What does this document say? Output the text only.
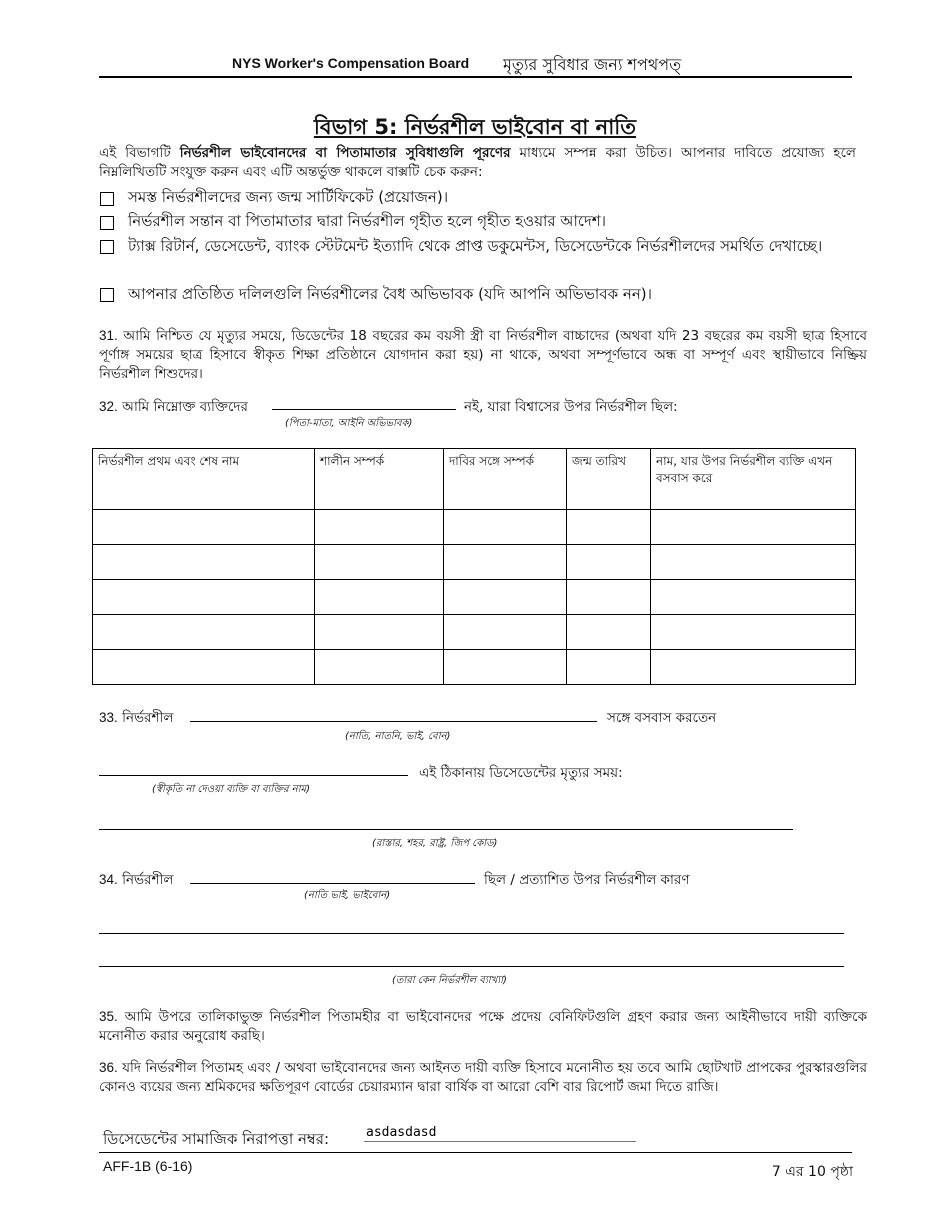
NYS Worker's Compensation Board মৃত্যুর সুবিধার জন্য শপথপত্
বিভাগ 5: নির্ভরশীল ভাইবোন বা নাতি
এই বিভাগটি নির্ভরশীল ভাইবোনদের বা পিতামাতার সুবিধাগুলি পূরণের মাধ্যমে সম্পন্ন করা উচিত। আপনার দাবিতে প্রযোজ্য হলে নিম্নলিখিতটি সংযুক্ত করুন এবং এটি অন্তর্ভুক্ত থাকলে বাক্সটি চেক করুন:
সমস্ত নির্ভরশীলদের জন্য জন্ম সার্টিফিকেট (প্রয়োজন)।
নির্ভরশীল সন্তান বা পিতামাতার দ্বারা নির্ভরশীল গৃহীত হলে গৃহীত হওয়ার আদেশ।
ট্যাক্স রিটার্ন, ডেসেডেন্ট, ব্যাংক স্টেটমেন্ট ইত্যাদি থেকে প্রাপ্ত ডকুমেন্টস, ডিসেডেন্টকে নির্ভরশীলদের সমর্থিত দেখাচ্ছে।
আপনার প্রতিষ্ঠিত দলিলগুলি নির্ভরশীলের বৈধ অভিভাবক (যদি আপনি অভিভাবক নন)।
31. আমি নিশ্চিত যে মৃত্যুর সময়ে, ডিডেন্টের 18 বছরের কম বয়সী স্ত্রী বা নির্ভরশীল বাচ্চাদের (অথবা যদি 23 বছরের কম বয়সী ছাত্র হিসাবে পূর্ণাঙ্গ সময়ের ছাত্র হিসাবে স্বীকৃত শিক্ষা প্রতিষ্ঠানে যোগদান করা হয়) না থাকে, অথবা সম্পূর্ণভাবে অন্ধ বা সম্পূর্ণ এবং স্থায়ীভাবে নিষ্ক্রিয় নির্ভরশীল শিশুদের।
32. আমি নিম্নোক্ত ব্যক্তিদের	নই, যারা বিশ্বাসের উপর নির্ভরশীল ছিল:
(পিতা-মাতা, আইনি অভিভাবক)
নির্ভরশীল প্রথম এবং শেষ নাম	শালীন সম্পর্ক	দাবির সঙ্গে সম্পর্ক	জন্ম তারিখ	নাম, যার উপর নির্ভরশীল ব্যক্তি এখন বসবাস করে

33. নির্ভরশীল	সঙ্গে বসবাস করতেন
(নাতি, নাতনি, ভাই, বোন)
এই ঠিকানায় ডিসেডেন্টের মৃত্যুর সময়:
(স্বীকৃতি না দেওয়া ব্যক্তি বা ব্যক্তির নাম)
(রাস্তার, শহর, রাষ্ট্র, জিপ কোড)
34. নির্ভরশীল	ছিল / প্রত্যাশিত উপর নির্ভরশীল কারণ
(নাতি ভাই, ভাইবোন)
(তারা কেন নির্ভরশীল ব্যাখ্যা)
35. আমি উপরে তালিকাভুক্ত নির্ভরশীল পিতামহীর বা ভাইবোনদের পক্ষে প্রদেয় বেনিফিটগুলি গ্রহণ করার জন্য আইনীভাবে দায়ী ব্যক্তিকে মনোনীত করার অনুরোধ করছি।
36. যদি নির্ভরশীল পিতামহ এবং / অথবা ভাইবোনদের জন্য আইনত দায়ী ব্যক্তি হিসাবে মনোনীত হয় তবে আমি ছোটখাট প্রাপকের পুরস্কারগুলির কোনও ব্যয়ের জন্য শ্রমিকদের ক্ষতিপূরণ বোর্ডের চেয়ারম্যান দ্বারা বার্ষিক বা আরো বেশি বার রিপোর্ট জমা দিতে রাজি।
ডিসেডেন্টের সামাজিক নিরাপত্তা নম্বর:
asdasdasd
AFF-1B (6-16)	7 এর 10 পৃষ্ঠা
